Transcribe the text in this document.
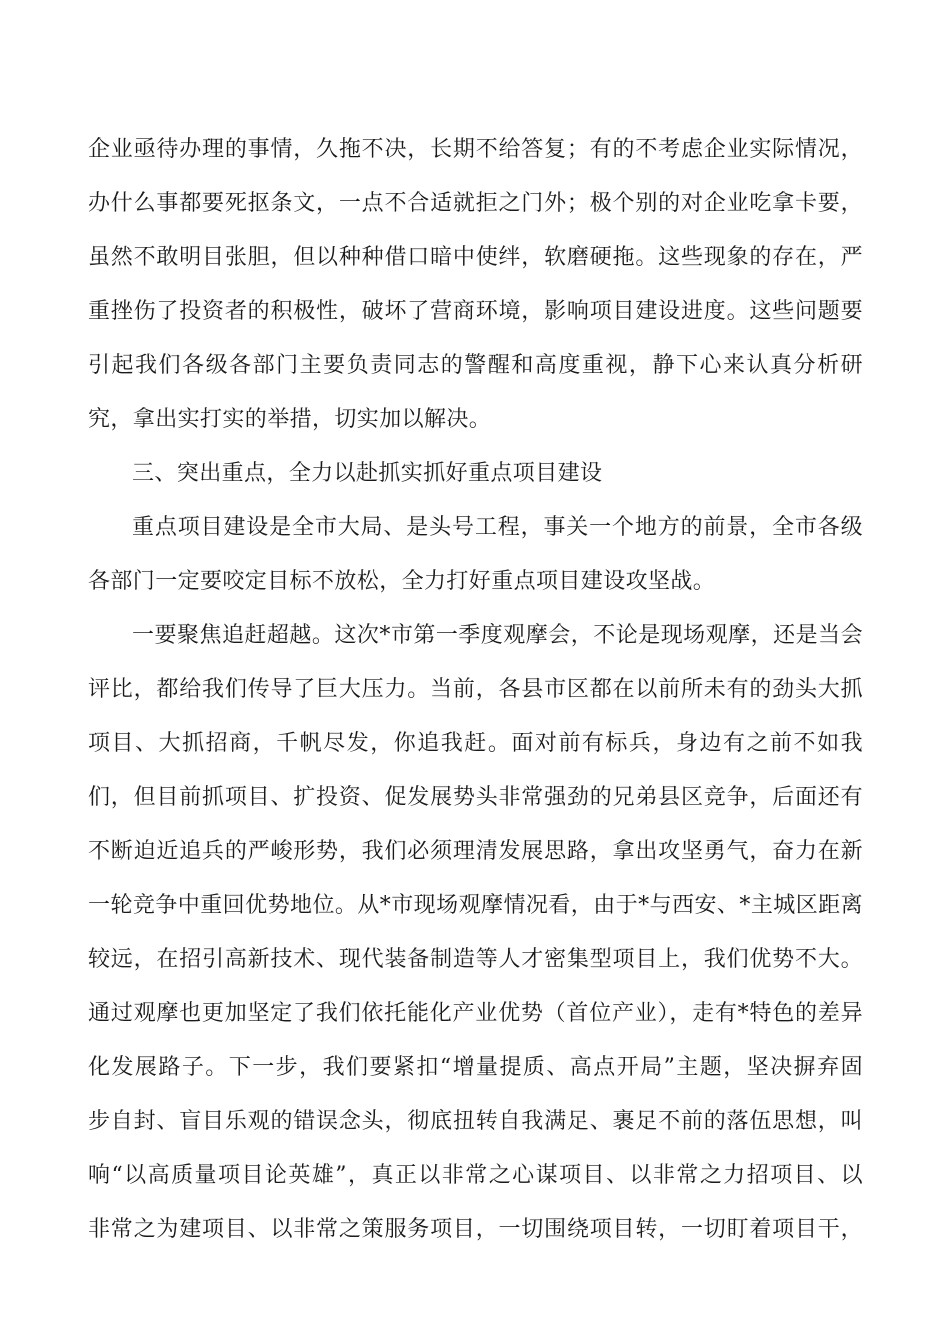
企业亟待办理的事情，久拖不决，长期不给答复；有的不考虑企业实际情况，
办什么事都要死抠条文，一点不合适就拒之门外；极个别的对企业吃拿卡要，
虽然不敢明目张胆，但以种种借口暗中使绊，软磨硬拖。这些现象的存在，严
重挫伤了投资者的积极性，破坏了营商环境，影响项目建设进度。这些问题要
引起我们各级各部门主要负责同志的警醒和高度重视，静下心来认真分析研
究，拿出实打实的举措，切实加以解决。
三、突出重点，全力以赴抓实抓好重点项目建设
重点项目建设是全市大局、是头号工程，事关一个地方的前景，全市各级
各部门一定要咬定目标不放松，全力打好重点项目建设攻坚战。
一要聚焦追赶超越。这次*市第一季度观摩会，不论是现场观摩，还是当会
评比，都给我们传导了巨大压力。当前，各县市区都在以前所未有的劲头大抓
项目、大抓招商，千帆尽发，你追我赶。面对前有标兵，身边有之前不如我
们，但目前抓项目、扩投资、促发展势头非常强劲的兄弟县区竞争，后面还有
不断迫近追兵的严峻形势，我们必须理清发展思路，拿出攻坚勇气，奋力在新
一轮竞争中重回优势地位。从*市现场观摩情况看，由于*与西安、*主城区距离
较远，在招引高新技术、现代装备制造等人才密集型项目上，我们优势不大。
通过观摩也更加坚定了我们依托能化产业优势（首位产业），走有*特色的差异
化发展路子。下一步，我们要紧扣“增量提质、高点开局”主题，坚决摒弃固
步自封、盲目乐观的错误念头，彻底扭转自我满足、裹足不前的落伍思想，叫
响“以高质量项目论英雄”，真正以非常之心谋项目、以非常之力招项目、以
非常之为建项目、以非常之策服务项目，一切围绕项目转，一切盯着项目干，
